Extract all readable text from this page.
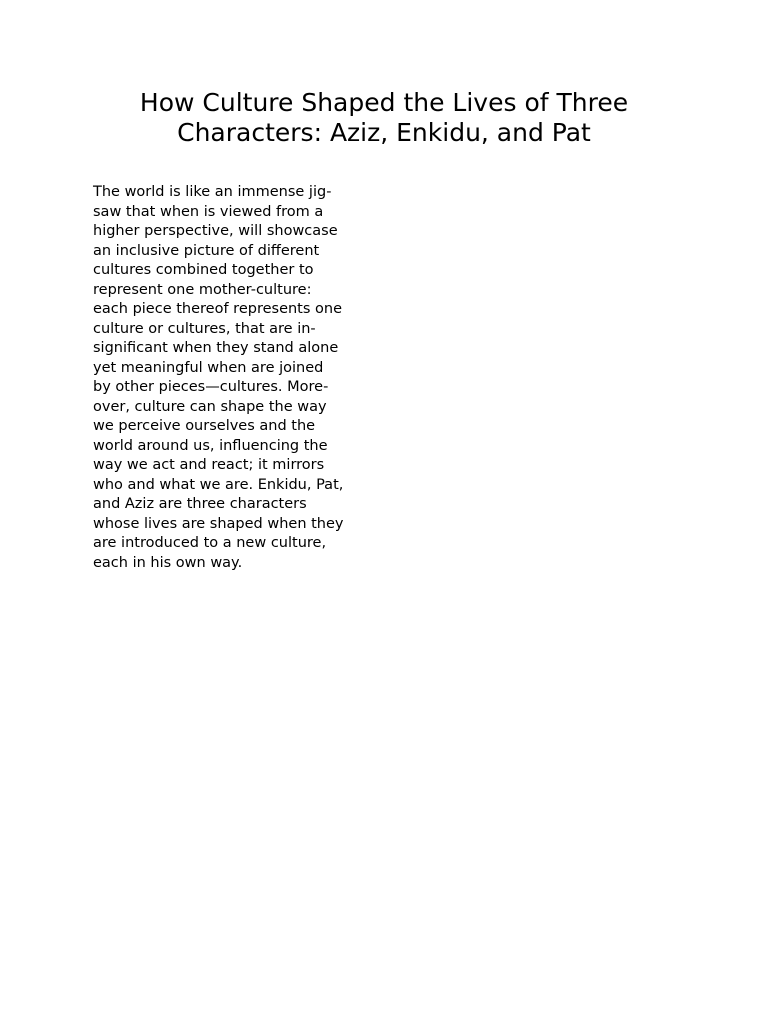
How Culture Shaped the Lives of Three
Characters: Aziz, Enkidu, and Pat

The world is like an immense jig-
saw that when is viewed from a
higher perspective, will showcase
an inclusive picture of different
cultures combined together to
represent one mother-culture:
each piece thereof represents one
culture or cultures, that are in-
significant when they stand alone
yet meaningful when are joined
by other pieces—cultures. More-
over, culture can shape the way
we perceive ourselves and the
world around us, influencing the
way we act and react; it mirrors
who and what we are. Enkidu, Pat,
and Aziz are three characters
whose lives are shaped when they
are introduced to a new culture,
each in his own way.
